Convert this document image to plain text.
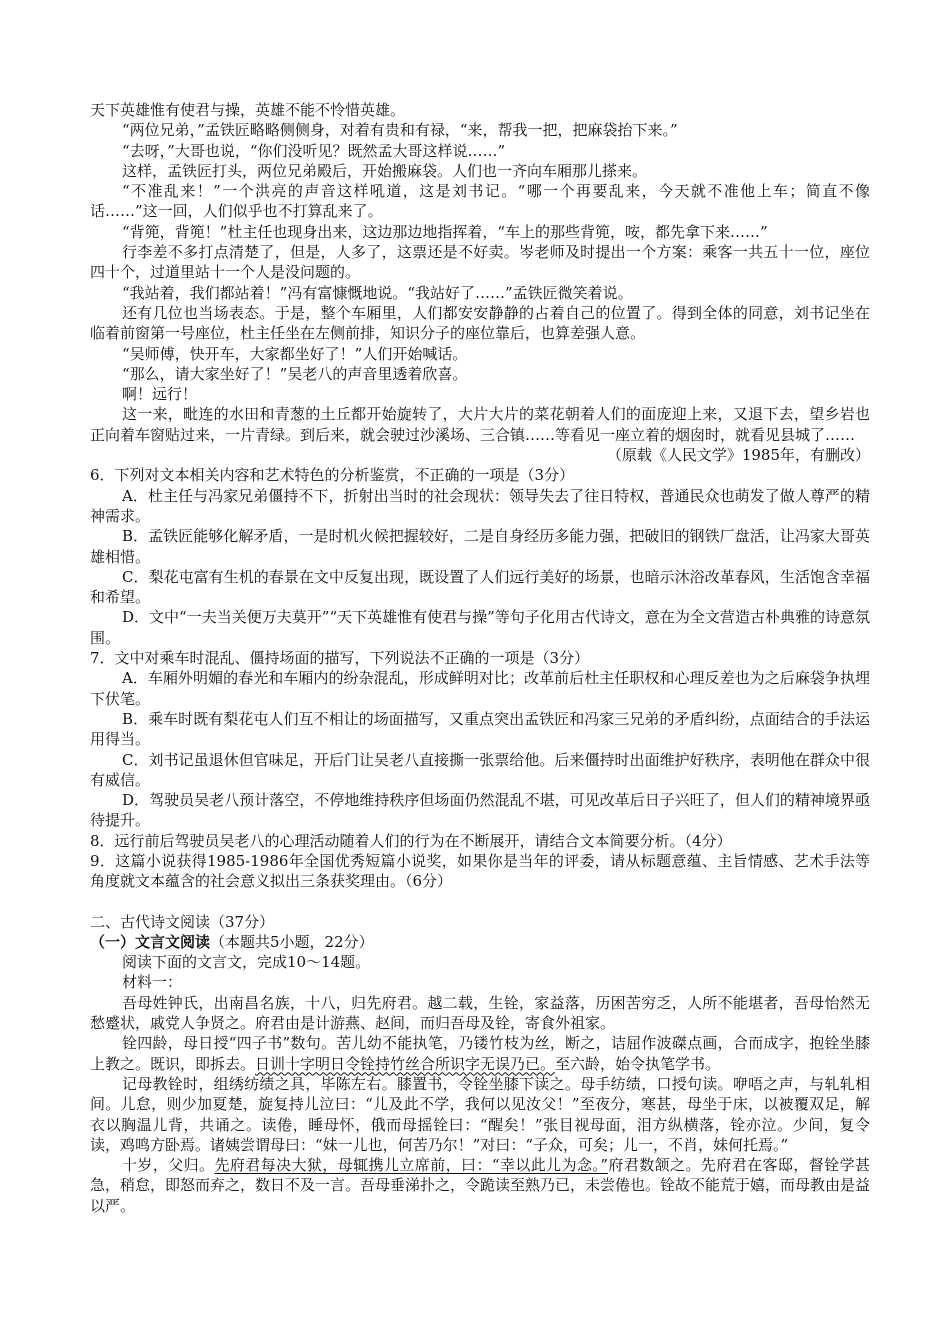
天下英雄惟有使君与操，英雄不能不怜惜英雄。

“两位兄弟，”孟铁匠略略侧侧身，对着有贵和有禄，“来，帮我一把，把麻袋抬下来。”

“去呀，”大哥也说，“你们没听见？既然孟大哥这样说……”

这样，孟铁匠打头，两位兄弟殿后，开始搬麻袋。人们也一齐向车厢那儿搽来。

“不准乱来！”一个洪亮的声音这样吼道，这是刘书记。“哪一个再要乱来，今天就不准他上车；简直不像话……”这一回，人们似乎也不打算乱来了。

“背篼，背篼！”杜主任也现身出来，这边那边地指挥着，“车上的那些背篼，咹，都先拿下来……”

行李差不多打点清楚了，但是，人多了，这票还是不好卖。岑老师及时提出一个方案：乘客一共五十一位，座位四十个，过道里站十一个人是没问题的。

“我站着，我们都站着！”冯有富慷慨地说。“我站好了……”孟铁匠微笑着说。

还有几位也当场表态。于是，整个车厢里，人们都安安静静的占着自己的位置了。得到全体的同意，刘书记坐在临着前窗第一号座位，杜主任坐在左侧前排，知识分子的座位靠后，也算差强人意。

“吴师傅，快开车，大家都坐好了！”人们开始喊话。

“那么，请大家坐好了！”吴老八的声音里透着欣喜。

啊！远行！

这一来，毗连的水田和青葱的土丘都开始旋转了，大片大片的菜花朝着人们的面庞迎上来，又退下去，望乡岩也正向着车窗贴过来，一片青绿。到后来，就会驶过沙溪场、三合镇……等看见一座立着的烟囱时，就看见县城了……

（原载《人民文学》1985年，有删改）

6．下列对文本相关内容和艺术特色的分析鉴赏，不正确的一项是（3分）

A．杜主任与冯家兄弟僵持不下，折射出当时的社会现状：领导失去了往日特权，普通民众也萌发了做人尊严的精神需求。

B．孟铁匠能够化解矛盾，一是时机火候把握较好，二是自身经历多能力强，把破旧的钢铁厂盘活，让冯家大哥英雄相惜。

C．梨花屯富有生机的春景在文中反复出现，既设置了人们远行美好的场景，也暗示沐浴改革春风，生活饱含幸福和希望。

D．文中“一夫当关便万夫莫开”“天下英雄惟有使君与操”等句子化用古代诗文，意在为全文营造古朴典雅的诗意氛围。

7．文中对乘车时混乱、僵持场面的描写，下列说法不正确的一项是（3分）

A．车厢外明媚的春光和车厢内的纷杂混乱，形成鲜明对比；改革前后杜主任职权和心理反差也为之后麻袋争执埋下伏笔。

B．乘车时既有梨花屯人们互不相让的场面描写，又重点突出孟铁匠和冯家三兄弟的矛盾纠纷，点面结合的手法运用得当。

C．刘书记虽退休但官味足，开后门让吴老八直接撕一张票给他。后来僵持时出面维护好秩序，表明他在群众中很有威信。

D．驾驶员吴老八预计落空，不停地维持秩序但场面仍然混乱不堪，可见改革后日子兴旺了，但人们的精神境界亟待提升。

8．远行前后驾驶员吴老八的心理活动随着人们的行为在不断展开，请结合文本简要分析。（4分）

9．这篇小说获得1985-1986年全国优秀短篇小说奖，如果你是当年的评委，请从标题意蕴、主旨情感、艺术手法等角度就文本蕴含的社会意义拟出三条获奖理由。（6分）

二、古代诗文阅读（37分）

（一）文言文阅读（本题共5小题，22分）

阅读下面的文言文，完成10～14题。

材料一：

吾母姓钟氏，出南昌名族，十八，归先府君。越二载，生铨，家益落，历困苦穷乏，人所不能堪者，吾母怡然无愁蹙状，戚党人争贤之。府君由是计游燕、赵间，而归吾母及铨，寄食外祖家。

铨四龄，母日授“四子书”数句。苦儿幼不能执笔，乃镂竹枝为丝，断之，诘屈作波磔点画，合而成字，抱铨坐膝上教之。既识，即拆去。日训十字明日令铨持竹丝合所识字无误乃已。至六龄，始令执笔学书。

记母教铨时，组绣纺绩之具，毕陈左右。膝置书，令铨坐膝下读之。母手纺绩，口授句读。咿唔之声，与轧轧相间。儿怠，则少加夏楚，旋复持儿泣曰：“儿及此不学，我何以见汝父！”至夜分，寒甚，母坐于床，以被覆双足，解衣以胸温儿背，共诵之。读倦，睡母怀，俄而母摇铨曰：“醒矣！”张目视母面，泪方纵横落，铨亦泣。少间，复令读，鸡鸣方卧焉。诸姨尝谓母曰：“妹一儿也，何苦乃尔！”对曰：“子众，可矣；儿一，不肖，妹何托焉。”

十岁，父归。先府君每决大狱，母辄携儿立席前，曰：“幸以此儿为念。”府君数颔之。先府君在客邸，督铨学甚急，稍怠，即怒而弃之，数日不及一言。吾母垂涕扑之，令跪读至熟乃已，未尝倦也。铨故不能荒于嬉，而母教由是益以严。
